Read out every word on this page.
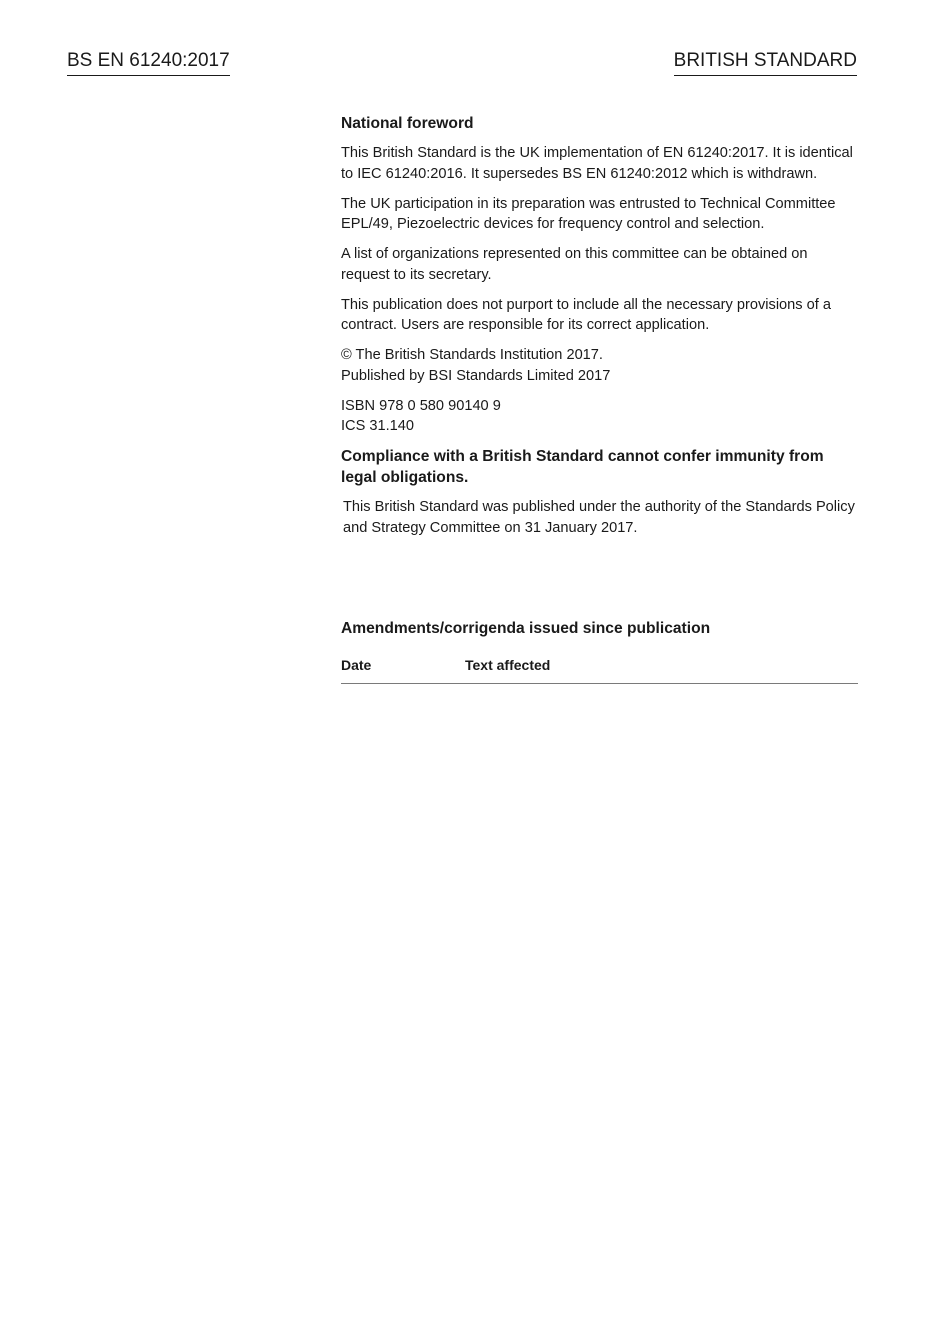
BS EN 61240:2017	BRITISH STANDARD
National foreword

This British Standard is the UK implementation of EN 61240:2017. It is identical to IEC 61240:2016. It supersedes BS EN 61240:2012 which is withdrawn.

The UK participation in its preparation was entrusted to Technical Committee EPL/49, Piezoelectric devices for frequency control and selection.

A list of organizations represented on this committee can be obtained on request to its secretary.

This publication does not purport to include all the necessary provisions of a contract. Users are responsible for its correct application.

© The British Standards Institution 2017.
Published by BSI Standards Limited 2017

ISBN 978 0 580 90140 9
ICS 31.140

Compliance with a British Standard cannot confer immunity from legal obligations.

This British Standard was published under the authority of the Standards Policy and Strategy Committee on 31 January 2017.

Amendments/corrigenda issued since publication
Date	Text affected
